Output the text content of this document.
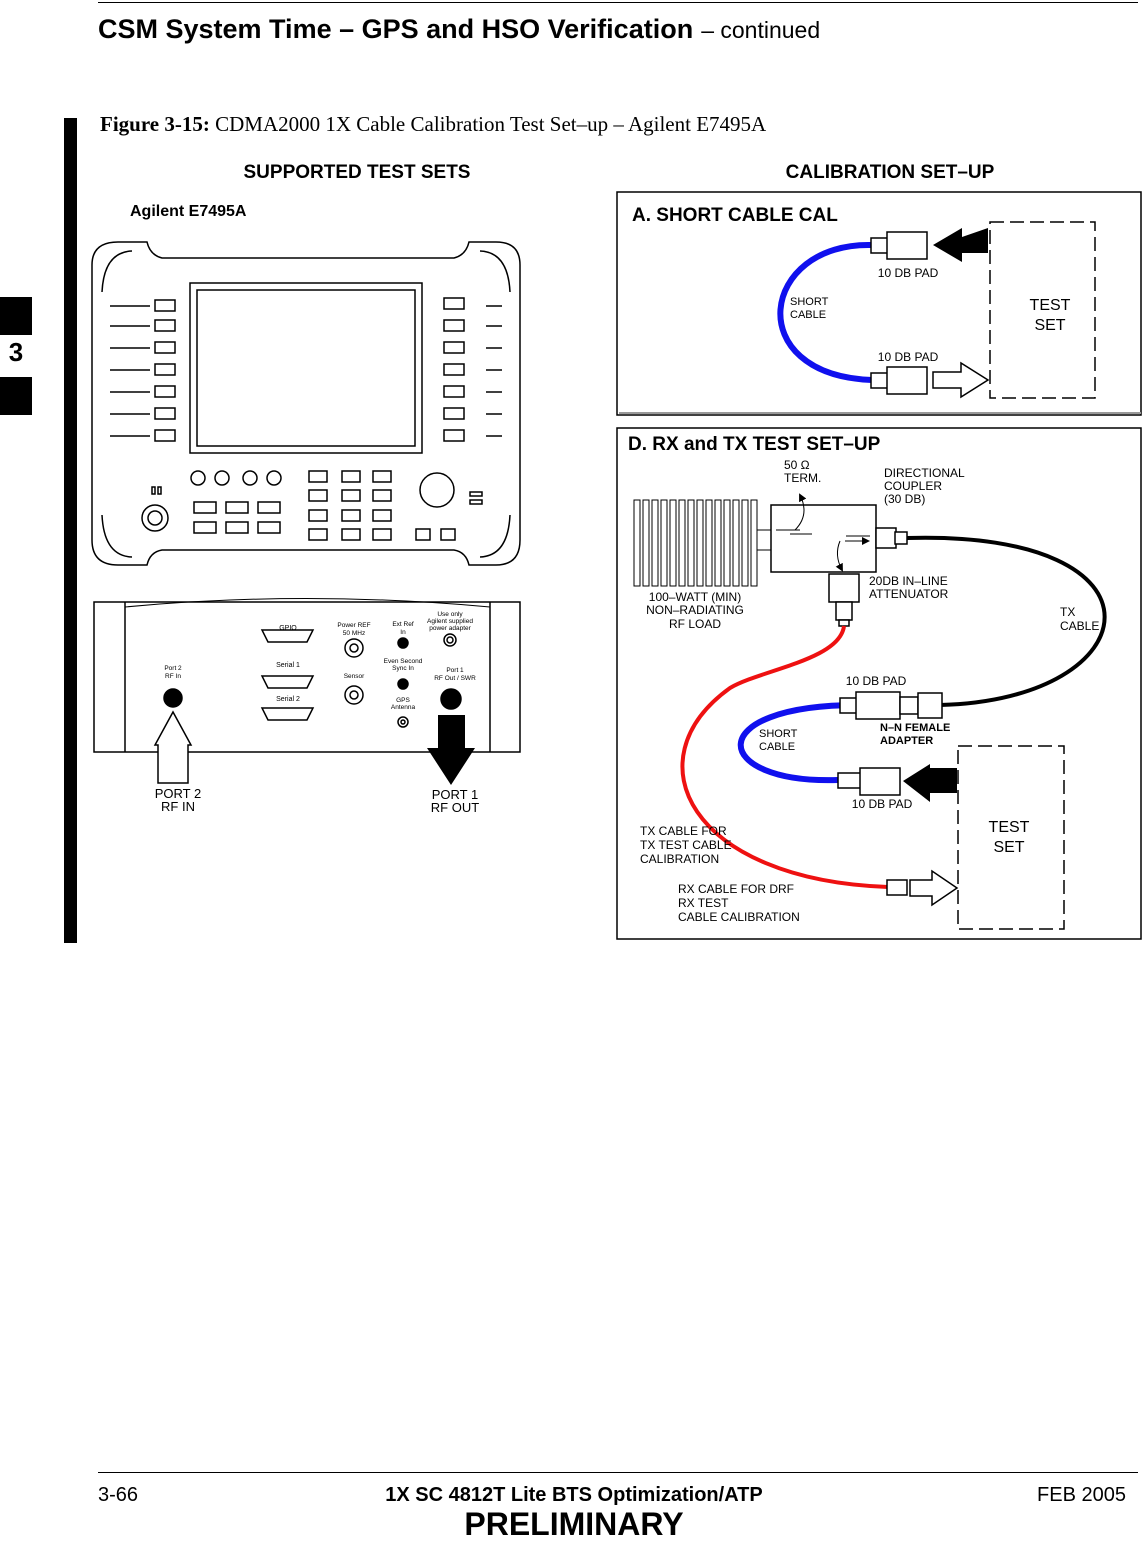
CSM System Time – GPS and HSO Verification – continued
3
Figure 3-15: CDMA2000 1X Cable Calibration Test Set–up – Agilent E7495A
SUPPORTED TEST SETS	CALIBRATION SET–UP
Agilent E7495A
GPIO
Serial 1
Serial 2
Power REF
50 MHz
Sensor
Ext Ref
In
Even Second
Sync In
GPS
Antenna
Use only
Agilent supplied
power adapter
Port 2
RF In
Port 1
RF Out / SWR
PORT 2
RF IN
PORT 1
RF OUT
A. SHORT CABLE CAL
TEST
SET
10 DB PAD
10 DB PAD
SHORT
CABLE
D. RX and TX TEST SET–UP
TEST
SET
50 Ω
TERM.	DIRECTIONAL
COUPLER
(30 DB)
100–WATT (MIN)
NON–RADIATING
RF LOAD
20DB IN–LINE
ATTENUATOR
TX
CABLE
10 DB PAD
N–N FEMALE
ADAPTER
SHORT
CABLE
10 DB PAD
TX CABLE FOR
TX TEST CABLE
CALIBRATION
RX CABLE FOR DRF
RX TEST
CABLE CALIBRATION
3-66	1X SC 4812T Lite BTS Optimization/ATP	FEB 2005
PRELIMINARY
